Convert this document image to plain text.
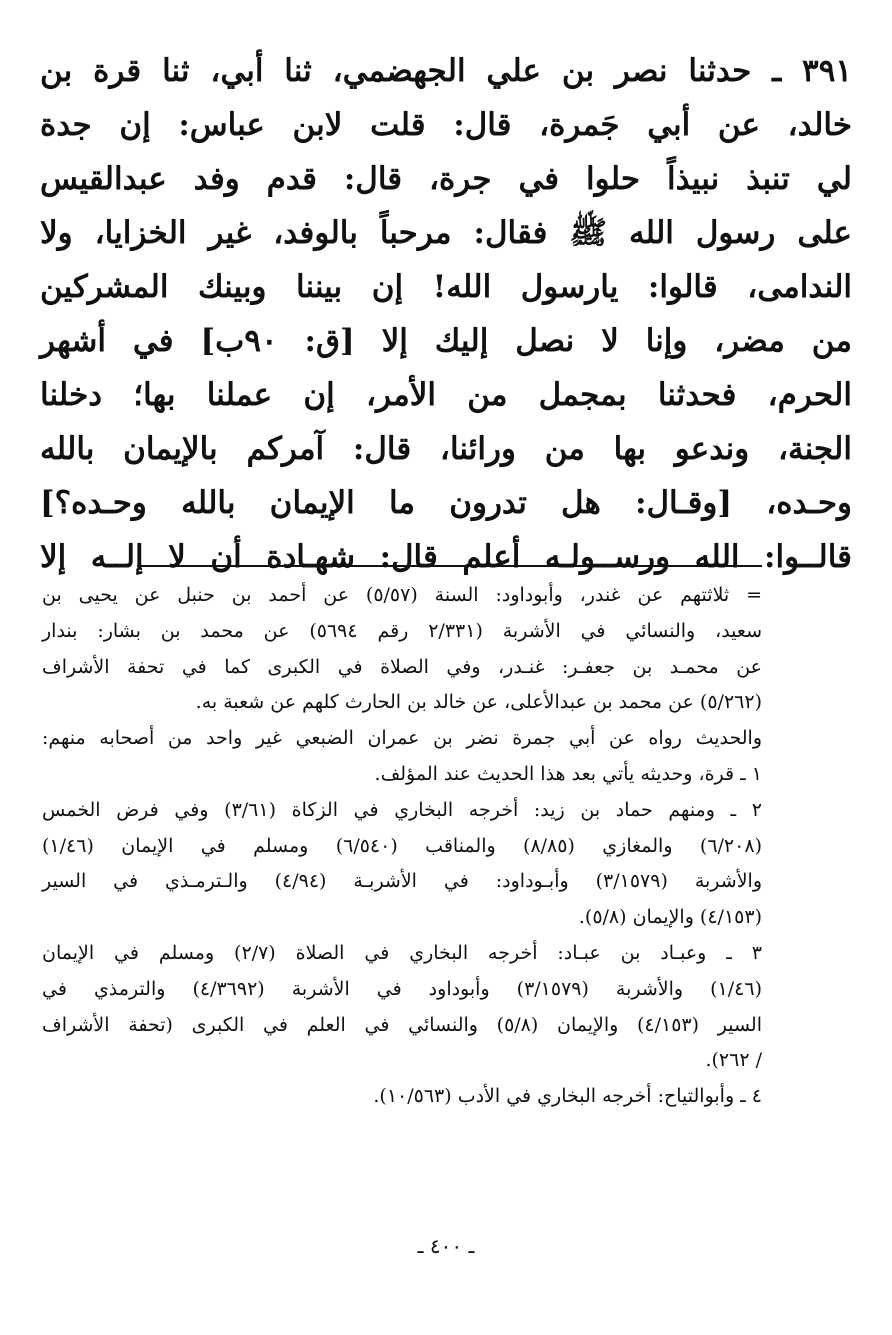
٣٩١ ـ حدثنا نصر بن علي الجهضمي، ثنا أبي، ثنا قرة بن
خالد، عن أبي جَمرة، قال: قلت لابن عباس: إن جدة
لي تنبذ نبيذاً حلوا في جرة، قال: قدم وفد عبدالقيس
على رسول الله ﷺ فقال: مرحباً بالوفد، غير الخزايا، ولا
الندامى، قالوا: يارسول الله! إن بيننا وبينك المشركين
من مضر، وإنا لا نصل إليك إلا [ق: ٩٠ب] في أشهر
الحرم، فحدثنا بمجمل من الأمر، إن عملنا بها؛ دخلنا
الجنة، وندعو بها من ورائنا، قال: آمركم بالإيمان بالله
وحـده، [وقـال: هل تدرون ما الإيمان بالله وحـده؟]
قالــوا: الله ورســولـه أعلم قال: شهـادة أن لا إلــه إلا
= ثلاثتهم عن غندر، وأبوداود: السنة (٥/٥٧) عن أحمد بن حنبل عن يحيى بن
سعيد، والنسائي في الأشربة (٢/٣٣١ رقم ٥٦٩٤) عن محمد بن بشار: بندار
عن محمـد بن جعفـر: غنـدر، وفي الصلاة في الكبرى كما في تحفة الأشراف
(٥/٢٦٢) عن محمد بن عبدالأعلى، عن خالد بن الحارث كلهم عن شعبة به.
والحديث رواه عن أبي جمرة نضر بن عمران الضبعي غير واحد من أصحابه منهم:
١ ـ قرة، وحديثه يأتي بعد هذا الحديث عند المؤلف.
٢ ـ ومنهم حماد بن زيد: أخرجه البخاري في الزكاة (٣/٦١) وفي فرض الخمس
(٦/٢٠٨) والمغازي (٨/٨٥) والمناقب (٦/٥٤٠) ومسلم في الإيمان (١/٤٦)
والأشربة (٣/١٥٧٩) وأبـوداود: في الأشربـة (٤/٩٤) والـترمـذي في السير
(٤/١٥٣) والإيمان (٥/٨).
٣ ـ وعبـاد بن عبـاد: أخرجه البخاري في الصلاة (٢/٧) ومسلم في الإيمان
(١/٤٦) والأشربة (٣/١٥٧٩) وأبوداود في الأشربة (٤/٣٦٩٢) والترمذي في
السير (٤/١٥٣) والإيمان (٥/٨) والنسائي في العلم في الكبرى (تحفة الأشراف
/ ٢٦٢).
٤ ـ وأبوالتياح: أخرجه البخاري في الأدب (١٠/٥٦٣).
ـ ٤٠٠ ـ
